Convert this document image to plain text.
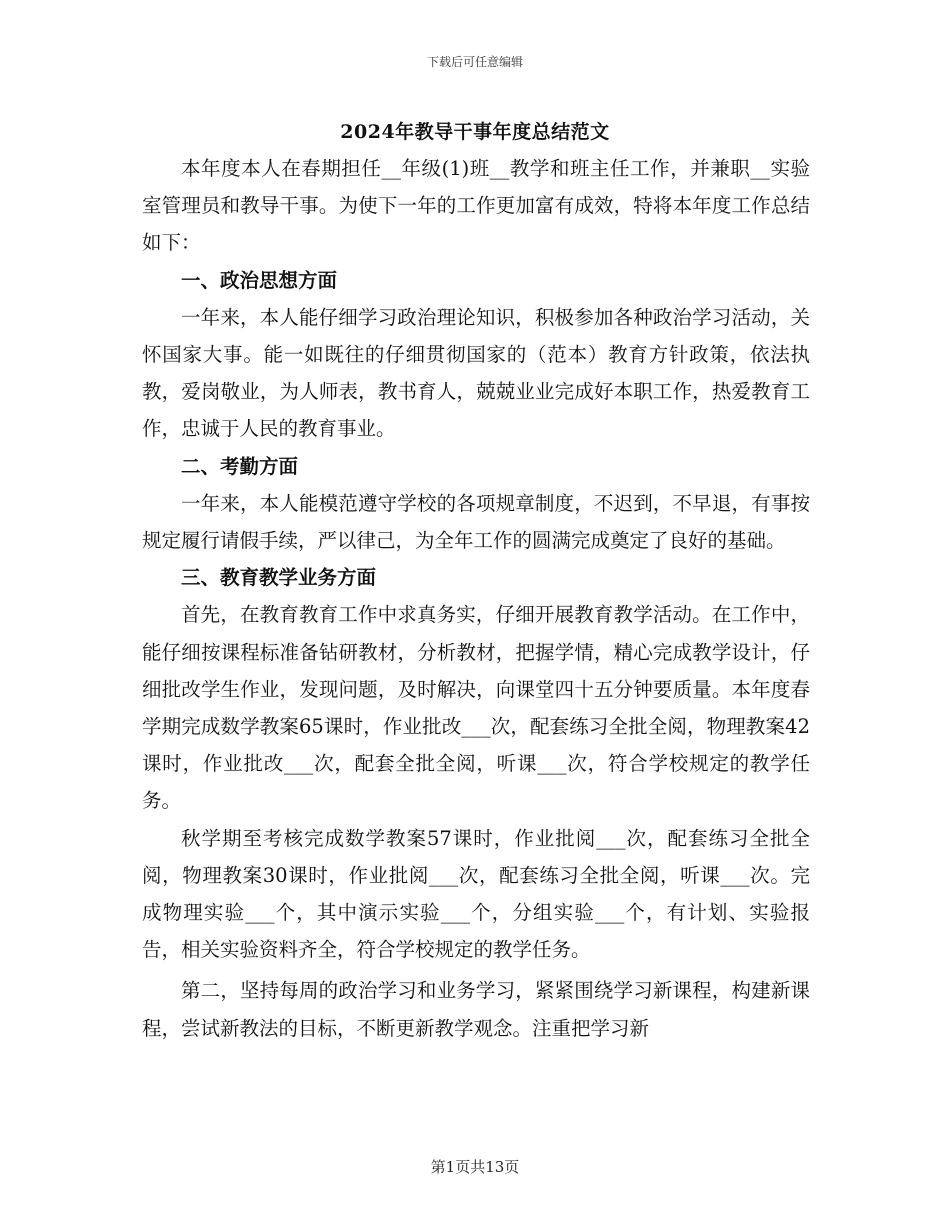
下载后可任意编辑
2024年教导干事年度总结范文

本年度本人在春期担任__年级(1)班__教学和班主任工作，并兼职__实验室管理员和教导干事。为使下一年的工作更加富有成效，特将本年度工作总结如下：

一、政治思想方面

一年来，本人能仔细学习政治理论知识，积极参加各种政治学习活动，关怀国家大事。能一如既往的仔细贯彻国家的（范本）教育方针政策，依法执教，爱岗敬业，为人师表，教书育人，兢兢业业完成好本职工作，热爱教育工作，忠诚于人民的教育事业。

二、考勤方面

一年来，本人能模范遵守学校的各项规章制度，不迟到，不早退，有事按规定履行请假手续，严以律己，为全年工作的圆满完成奠定了良好的基础。

三、教育教学业务方面

首先，在教育教育工作中求真务实，仔细开展教育教学活动。在工作中，能仔细按课程标准备钻研教材，分析教材，把握学情，精心完成教学设计，仔细批改学生作业，发现问题，及时解决，向课堂四十五分钟要质量。本年度春学期完成数学教案65课时，作业批改___次，配套练习全批全阅，物理教案42课时，作业批改___次，配套全批全阅，听课___次，符合学校规定的教学任务。

秋学期至考核完成数学教案57课时，作业批阅___次，配套练习全批全阅，物理教案30课时，作业批阅___次，配套练习全批全阅，听课___次。完成物理实验___个，其中演示实验___个，分组实验___个，有计划、实验报告，相关实验资料齐全，符合学校规定的教学任务。

第二，坚持每周的政治学习和业务学习，紧紧围绕学习新课程，构建新课程，尝试新教法的目标，不断更新教学观念。注重把学习新

第1页共13页
